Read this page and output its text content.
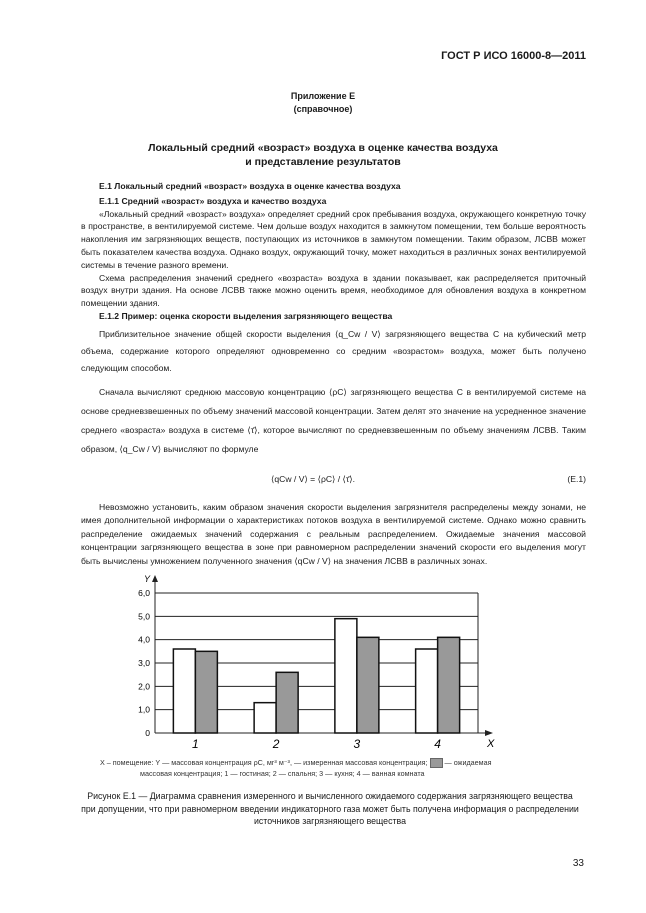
ГОСТ Р ИСО 16000-8—2011
Приложение Е
(справочное)
Локальный средний «возраст» воздуха в оценке качества воздуха
и представление результатов

Е.1 Локальный средний «возраст» воздуха в оценке качества воздуха

Е.1.1 Средний «возраст» воздуха и качество воздуха

«Локальный средний «возраст» воздуха» определяет средний срок пребывания воздуха, окружающего конкретную точку в пространстве, в вентилируемой системе. Чем дольше воздух находится в замкнутом помещении, тем больше вероятность накопления им загрязняющих веществ, поступающих из источников в замкнутом помещении. Таким образом, ЛСВВ может быть показателем качества воздуха. Однако воздух, окружающий точку, может находиться в различных зонах вентилируемой системы в течение разного времени.

Схема распределения значений среднего «возраста» воздуха в здании показывает, как распределяется приточный воздух внутри здания. На основе ЛСВВ также можно оценить время, необходимое для обновления воздуха в конкретном помещении здания.

Е.1.2 Пример: оценка скорости выделения загрязняющего вещества

Приблизительное значение общей скорости выделения ⟨q_Cw / V⟩ загрязняющего вещества С на кубический метр объема, содержание которого определяют одновременно со средним «возрастом» воздуха, может быть получено следующим способом.

Сначала вычисляют среднюю массовую концентрацию ⟨ρC⟩ загрязняющего вещества С в вентилируемой системе на основе средневзвешенных по объему значений массовой концентрации. Затем делят это значение на усредненное значение среднего «возраста» воздуха в системе ⟨τ̄⟩, которое вычисляют по средневзвешенным по объему значениям ЛСВВ. Таким образом, ⟨q_Cw / V⟩ вычисляют по формуле

⟨qCw / V⟩ = ⟨ρC⟩ / ⟨τ̄⟩.	(Е.1)

Невозможно установить, каким образом значения скорости выделения загрязнителя распределены между зонами, не имея дополнительной информации о характеристиках потоков воздуха в вентилируемой системе. Однако можно сравнить распределение ожидаемых значений содержания с реальным распределением. Ожидаемые значения массовой концентрации загрязняющего вещества в зоне при равномерном распределении значений скорости его выделения могут быть вычислены умножением полученного значения ⟨qCw / V⟩ на значения ЛСВВ в различных зонах.

0
1,0
2,0
3,0
4,0
5,0
6,0
Y
X
1	2	3	4
X – помещение: Y — массовая концентрация ρC, мг³ м⁻³, — измеренная массовая концентрация; — ожидаемая
массовая концентрация; 1 — гостиная; 2 — спальня; 3 — кухня; 4 — ванная комната
Рисунок Е.1 — Диаграмма сравнения измеренного и вычисленного ожидаемого содержания загрязняющего вещества при допущении, что при равномерном введении индикаторного газа может быть получена информация о распределении источников загрязняющего вещества
33
